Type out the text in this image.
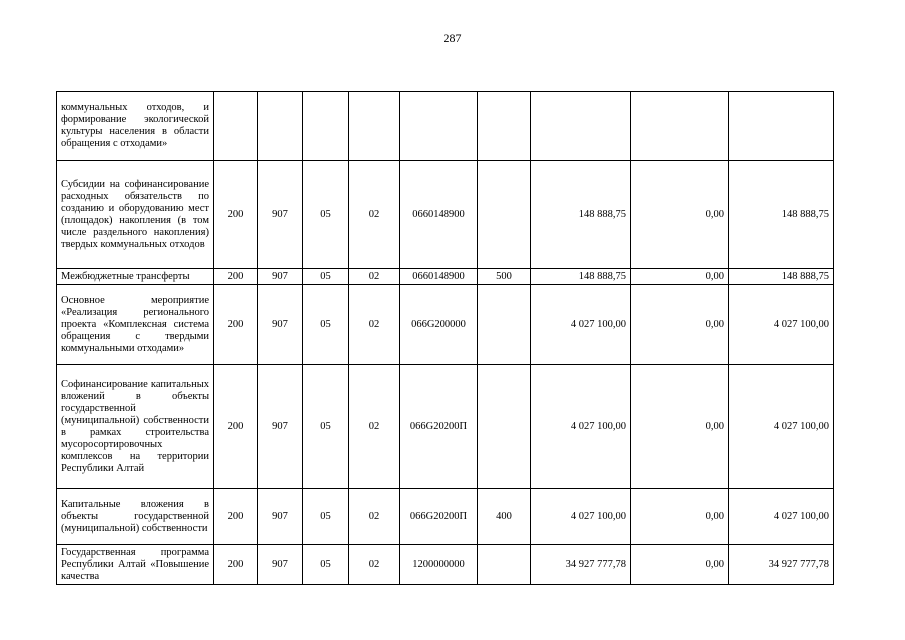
287
коммунальных отходов, и формирование экологической культуры населения в области обращения с отходами»									
Субсидии на софинансирование расходных обязательств по созданию и оборудованию мест (площадок) накопления (в том числе раздельного накопления) твердых коммунальных отходов	200	907	05	02	0660148900		148 888,75	0,00	148 888,75
Межбюджетные трансферты	200	907	05	02	0660148900	500	148 888,75	0,00	148 888,75
Основное мероприятие «Реализация регионального проекта «Комплексная система обращения с твердыми коммунальными отходами»	200	907	05	02	066G200000		4 027 100,00	0,00	4 027 100,00
Софинансирование капитальных вложений в объекты государственной (муниципальной) собственности в рамках строительства мусоросортировочных комплексов на территории Республики Алтай	200	907	05	02	066G20200П		4 027 100,00	0,00	4 027 100,00
Капитальные вложения в объекты государственной (муниципальной) собственности	200	907	05	02	066G20200П	400	4 027 100,00	0,00	4 027 100,00

Государственная программа Республики Алтай «Повышение качества	200	907	05	02	1200000000		34 927 777,78	0,00	34 927 777,78
